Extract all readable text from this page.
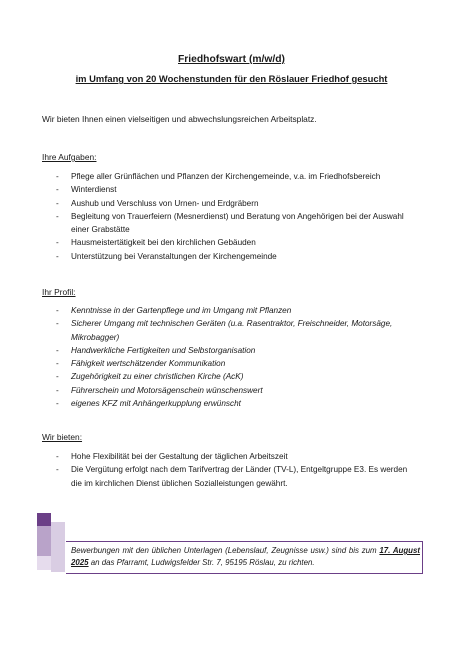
Friedhofswart (m/w/d)
im Umfang von 20 Wochenstunden für den Röslauer Friedhof gesucht
Wir bieten Ihnen einen vielseitigen und abwechslungsreichen Arbeitsplatz.
Ihre Aufgaben:
- Pflege aller Grünflächen und Pflanzen der Kirchengemeinde, v.a. im Friedhofsbereich
- Winterdienst
- Aushub und Verschluss von Urnen- und Erdgräbern
- Begleitung von Trauerfeiern (Mesnerdienst) und Beratung von Angehörigen bei der Auswahl einer Grabstätte
- Hausmeistertätigkeit bei den kirchlichen Gebäuden
- Unterstützung bei Veranstaltungen der Kirchengemeinde
Ihr Profil:
- Kenntnisse in der Gartenpflege und im Umgang mit Pflanzen
- Sicherer Umgang mit technischen Geräten (u.a. Rasentraktor, Freischneider, Motorsäge, Mikrobagger)
- Handwerkliche Fertigkeiten und Selbstorganisation
- Fähigkeit wertschätzender Kommunikation
- Zugehörigkeit zu einer christlichen Kirche (AcK)
- Führerschein und Motorsägenschein wünschenswert
- eigenes KFZ mit Anhängerkupplung erwünscht
Wir bieten:
- Hohe Flexibilität bei der Gestaltung der täglichen Arbeitszeit
- Die Vergütung erfolgt nach dem Tarifvertrag der Länder (TV-L), Entgeltgruppe E3. Es werden die im kirchlichen Dienst üblichen Sozialleistungen gewährt.
Bewerbungen mit den üblichen Unterlagen (Lebenslauf, Zeugnisse usw.) sind bis zum 17. August 2025 an das Pfarramt, Ludwigsfelder Str. 7, 95195 Röslau, zu richten.
